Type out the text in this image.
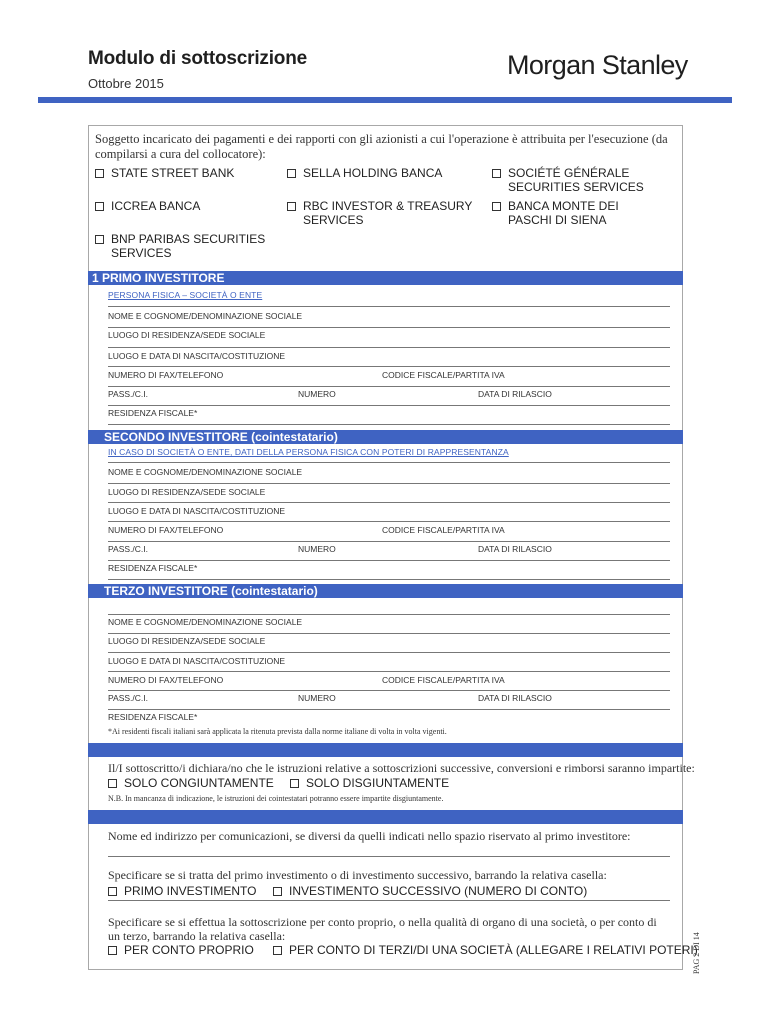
Modulo di sottoscrizione
Ottobre 2015
Morgan Stanley
Soggetto incaricato dei pagamenti e dei rapporti con gli azionisti a cui l'operazione è attribuita per l'esecuzione (da compilarsi a cura del collocatore):
STATE STREET BANK	SELLA HOLDING BANCA	SOCIÉTÉ GÉNÉRALE
SECURITIES SERVICES
ICCREA BANCA	RBC INVESTOR & TREASURY
SERVICES
BANCA MONTE DEI
PASCHI DI SIENA
BNP PARIBAS SECURITIES
SERVICES
1 PRIMO INVESTITORE
PERSONA FISICA – SOCIETÀ O ENTE
NOME E COGNOME/DENOMINAZIONE SOCIALE
LUOGO DI RESIDENZA/SEDE SOCIALE
LUOGO E DATA DI NASCITA/COSTITUZIONE
NUMERO DI FAX/TELEFONO	CODICE FISCALE/PARTITA IVA
PASS./C.I.	NUMERO	DATA DI RILASCIO
RESIDENZA FISCALE*
SECONDO INVESTITORE (cointestatario)
IN CASO DI SOCIETÀ O ENTE, DATI DELLA PERSONA FISICA CON POTERI DI RAPPRESENTANZA
NOME E COGNOME/DENOMINAZIONE SOCIALE
LUOGO DI RESIDENZA/SEDE SOCIALE
LUOGO E DATA DI NASCITA/COSTITUZIONE
NUMERO DI FAX/TELEFONO	CODICE FISCALE/PARTITA IVA
PASS./C.I.	NUMERO	DATA DI RILASCIO
RESIDENZA FISCALE*
TERZO INVESTITORE (cointestatario)
NOME E COGNOME/DENOMINAZIONE SOCIALE
LUOGO DI RESIDENZA/SEDE SOCIALE
LUOGO E DATA DI NASCITA/COSTITUZIONE
NUMERO DI FAX/TELEFONO	CODICE FISCALE/PARTITA IVA
PASS./C.I.	NUMERO	DATA DI RILASCIO
RESIDENZA FISCALE*
*Ai residenti fiscali italiani sarà applicata la ritenuta prevista dalla norme italiane di volta in volta vigenti.
Il/I sottoscritto/i dichiara/no che le istruzioni relative a sottoscrizioni successive, conversioni e rimborsi saranno impartite:
SOLO CONGIUNTAMENTE	SOLO DISGIUNTAMENTE
N.B. In mancanza di indicazione, le istruzioni dei cointestatari potranno essere impartite disgiuntamente.
Nome ed indirizzo per comunicazioni, se diversi da quelli indicati nello spazio riservato al primo investitore:
Specificare se si tratta del primo investimento o di investimento successivo, barrando la relativa casella:
PRIMO INVESTIMENTO	INVESTIMENTO SUCCESSIVO (NUMERO DI CONTO)
Specificare se si effettua la sottoscrizione per conto proprio, o nella qualità di organo di una società, o per conto di un terzo, barrando la relativa casella:
PER CONTO PROPRIO	PER CONTO DI TERZI/DI UNA SOCIETÀ (ALLEGARE I RELATIVI POTERI)
PAG 2 DI 14
